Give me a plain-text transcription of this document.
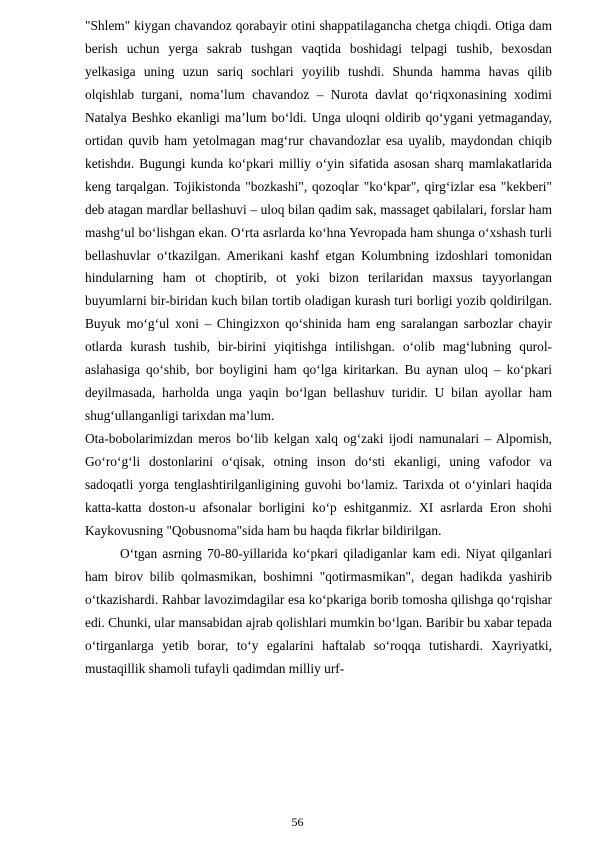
"Shlem" kiygan chavandoz qorabayir otini shappatilagancha chetga chiqdi. Otiga dam berish uchun yerga sakrab tushgan vaqtida boshidagi telpagi tushib, bexosdan yelkasiga uning uzun sariq sochlari yoyilib tushdi. Shunda hamma havas qilib olqishlab turgani, noma’lum chavandoz – Nurota davlat qo‘riqxonasining xodimi Natalya Beshko ekanligi ma’lum bo‘ldi. Unga uloqni oldirib qo‘ygani yetmaganday, ortidan quvib ham yetolmagan mag‘rur chavandozlar esa uyalib, maydondan chiqib ketishdи. Bugungi kunda ko‘pkari milliy o‘yin sifatida asosan sharq mamlakatlarida keng tarqalgan. Tojikistonda "bozkashi", qozoqlar "ko‘kpar", qirg‘izlar esa "kekberi" deb atagan mardlar bellashuvi – uloq bilan qadim sak, massaget qabilalari, forslar ham mashg‘ul bo‘lishgan ekan. O‘rta asrlarda ko‘hna Yevropada ham shunga o‘xshash turli bellashuvlar o‘tkazilgan. Amerikani kashf etgan Kolumbning izdoshlari tomonidan hindularning ham ot choptirib, ot yoki bizon terilaridan maxsus tayyorlangan buyumlarni bir-biridan kuch bilan tortib oladigan kurash turi borligi yozib qoldirilgan. Buyuk mo‘g‘ul xoni – Chingizxon qo‘shinida ham eng saralangan sarbozlar chayir otlarda kurash tushib, bir-birini yiqitishga intilishgan. o‘olib mag‘lubning qurol-aslahasiga qo‘shib, bor boyligini ham qo‘lga kiritarkan. Bu aynan uloq – ko‘pkari deyilmasada, harholda unga yaqin bo‘lgan bellashuv turidir. U bilan ayollar ham shug‘ullanganligi tarixdan ma’lum.

Ota-bobolarimizdan meros bo‘lib kelgan xalq og‘zaki ijodi namunalari – Alpomish, Go‘ro‘g‘li dostonlarini o‘qisak, otning inson do‘sti ekanligi, uning vafodor va sadoqatli yorga tenglashtirilganligining guvohi bo‘lamiz. Tarixda ot o‘yinlari haqida katta-katta doston-u afsonalar borligini ko‘p eshitganmiz. XI asrlarda Eron shohi Kaykovusning "Qobusnoma"sida ham bu haqda fikrlar bildirilgan.

O‘tgan asrning 70-80-yillarida ko‘pkari qiladiganlar kam edi. Niyat qilganlari ham birov bilib qolmasmikan, boshimni "qotirmasmikan", degan hadikda yashirib o‘tkazishardi. Rahbar lavozimdagilar esa ko‘pkariga borib tomosha qilishga qo‘rqishar edi. Chunki, ular mansabidan ajrab qolishlari mumkin bo‘lgan. Baribir bu xabar tepada o‘tirganlarga yetib borar, to‘y egalarini haftalab so‘roqqa tutishardi. Xayriyatki, mustaqillik shamoli tufayli qadimdan milliy urf-

56
